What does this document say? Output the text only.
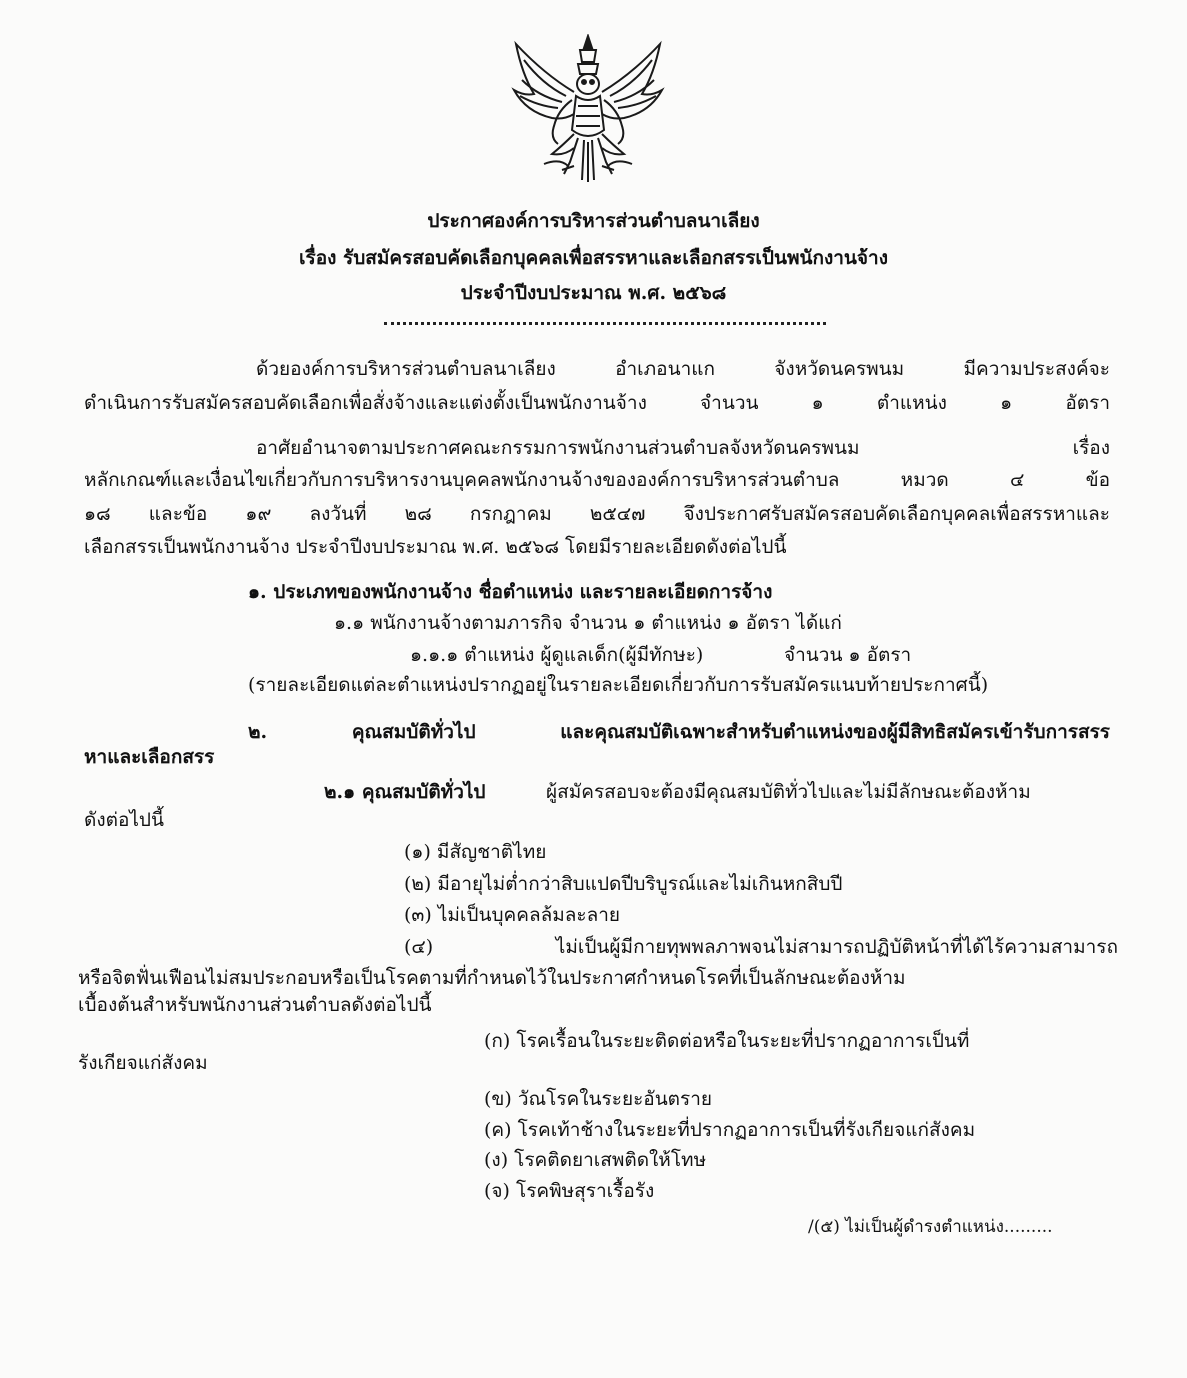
ประกาศองค์การบริหารส่วนตำบลนาเลียง
เรื่อง รับสมัครสอบคัดเลือกบุคคลเพื่อสรรหาและเลือกสรรเป็นพนักงานจ้าง
ประจำปีงบประมาณ พ.ศ. ๒๕๖๘
ด้วยองค์การบริหารส่วนตำบลนาเลียง อำเภอนาแก จังหวัดนครพนม มีความประสงค์จะ
ดำเนินการรับสมัครสอบคัดเลือกเพื่อสั่งจ้างและแต่งตั้งเป็นพนักงานจ้าง จำนวน ๑ ตำแหน่ง ๑ อัตรา
อาศัยอำนาจตามประกาศคณะกรรมการพนักงานส่วนตำบลจังหวัดนครพนม เรื่อง
หลักเกณฑ์และเงื่อนไขเกี่ยวกับการบริหารงานบุคคลพนักงานจ้างขององค์การบริหารส่วนตำบล หมวด ๔ ข้อ
๑๘ และข้อ ๑๙ ลงวันที่ ๒๘ กรกฎาคม ๒๕๔๗ จึงประกาศรับสมัครสอบคัดเลือกบุคคลเพื่อสรรหาและ
เลือกสรรเป็นพนักงานจ้าง ประจำปีงบประมาณ พ.ศ. ๒๕๖๘ โดยมีรายละเอียดดังต่อไปนี้
๑. ประเภทของพนักงานจ้าง ชื่อตำแหน่ง และรายละเอียดการจ้าง
๑.๑ พนักงานจ้างตามภารกิจ จำนวน ๑ ตำแหน่ง ๑ อัตรา ได้แก่
๑.๑.๑ ตำแหน่ง ผู้ดูแลเด็ก(ผู้มีทักษะ)	จำนวน ๑ อัตรา
(รายละเอียดแต่ละตำแหน่งปรากฏอยู่ในรายละเอียดเกี่ยวกับการรับสมัครแนบท้ายประกาศนี้)
๒. คุณสมบัติทั่วไป และคุณสมบัติเฉพาะสำหรับตำแหน่งของผู้มีสิทธิสมัครเข้ารับการสรร
หาและเลือกสรร
๒.๑ คุณสมบัติทั่วไป	ผู้สมัครสอบจะต้องมีคุณสมบัติทั่วไปและไม่มีลักษณะต้องห้าม
ดังต่อไปนี้
(๑) มีสัญชาติไทย
(๒) มีอายุไม่ต่ำกว่าสิบแปดปีบริบูรณ์และไม่เกินหกสิบปี
(๓) ไม่เป็นบุคคลล้มละลาย
(๔) ไม่เป็นผู้มีกายทุพพลภาพจนไม่สามารถปฏิบัติหน้าที่ได้ไร้ความสามารถ
หรือจิตฟั่นเฟือนไม่สมประกอบหรือเป็นโรคตามที่กำหนดไว้ในประกาศกำหนดโรคที่เป็นลักษณะต้องห้าม
เบื้องต้นสำหรับพนักงานส่วนตำบลดังต่อไปนี้
(ก) โรคเรื้อนในระยะติดต่อหรือในระยะที่ปรากฏอาการเป็นที่
รังเกียจแก่สังคม
(ข) วัณโรคในระยะอันตราย
(ค) โรคเท้าช้างในระยะที่ปรากฏอาการเป็นที่รังเกียจแก่สังคม
(ง) โรคติดยาเสพติดให้โทษ
(จ) โรคพิษสุราเรื้อรัง
/(๕) ไม่เป็นผู้ดำรงตำแหน่ง.........
